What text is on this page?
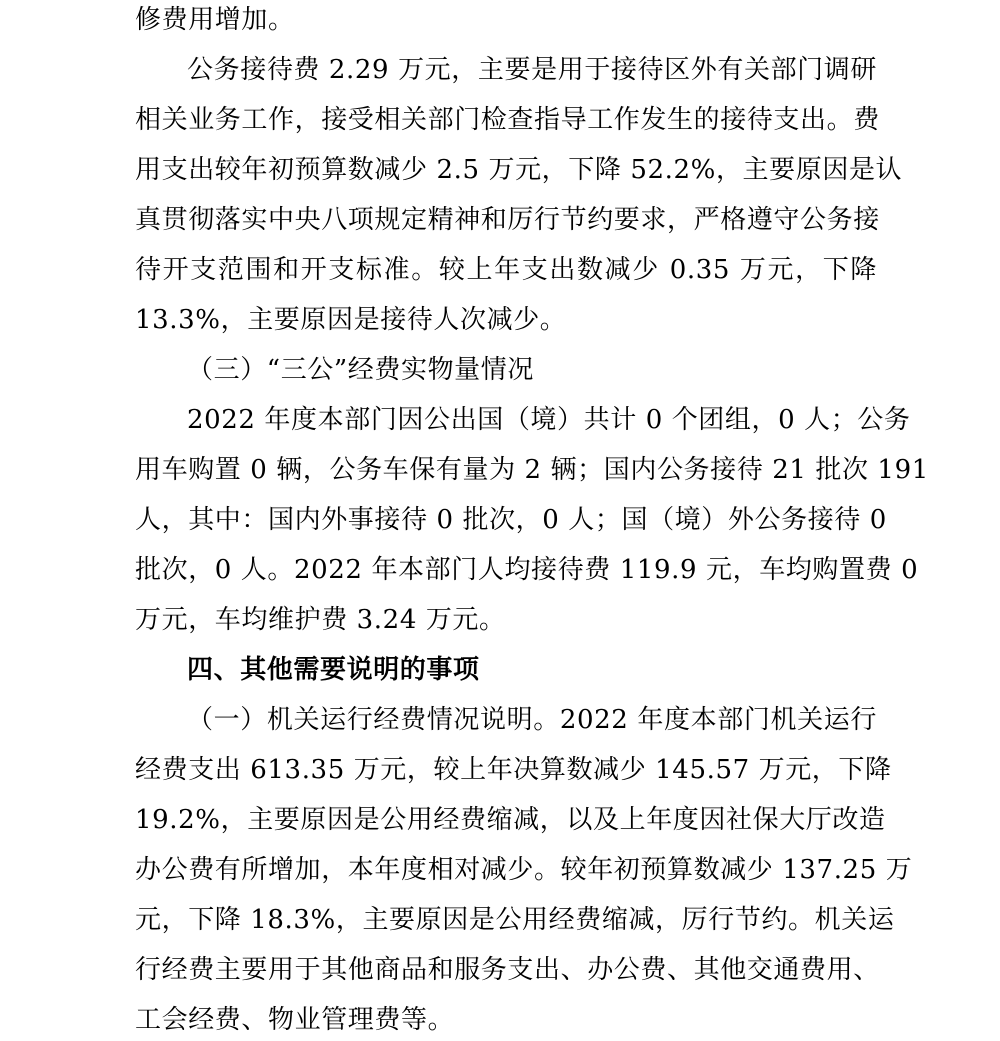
修费用增加。
公务接待费 2.29 万元，主要是用于接待区外有关部门调研
相关业务工作，接受相关部门检查指导工作发生的接待支出。费
用支出较年初预算数减少 2.5 万元，下降 52.2%，主要原因是认
真贯彻落实中央八项规定精神和厉行节约要求，严格遵守公务接
待开支范围和开支标准。较上年支出数减少 0.35 万元，下降
13.3%，主要原因是接待人次减少。
（三）“三公”经费实物量情况
2022 年度本部门因公出国（境）共计 0 个团组，0 人；公务
用车购置 0 辆，公务车保有量为 2 辆；国内公务接待 21 批次 191
人，其中：国内外事接待 0 批次，0 人；国（境）外公务接待 0
批次，0 人。2022 年本部门人均接待费 119.9 元，车均购置费 0
万元，车均维护费 3.24 万元。
四、其他需要说明的事项
（一）机关运行经费情况说明。2022 年度本部门机关运行
经费支出 613.35 万元，较上年决算数减少 145.57 万元，下降
19.2%，主要原因是公用经费缩减，以及上年度因社保大厅改造
办公费有所增加，本年度相对减少。较年初预算数减少 137.25 万
元，下降 18.3%，主要原因是公用经费缩减，厉行节约。机关运
行经费主要用于其他商品和服务支出、办公费、其他交通费用、
工会经费、物业管理费等。
